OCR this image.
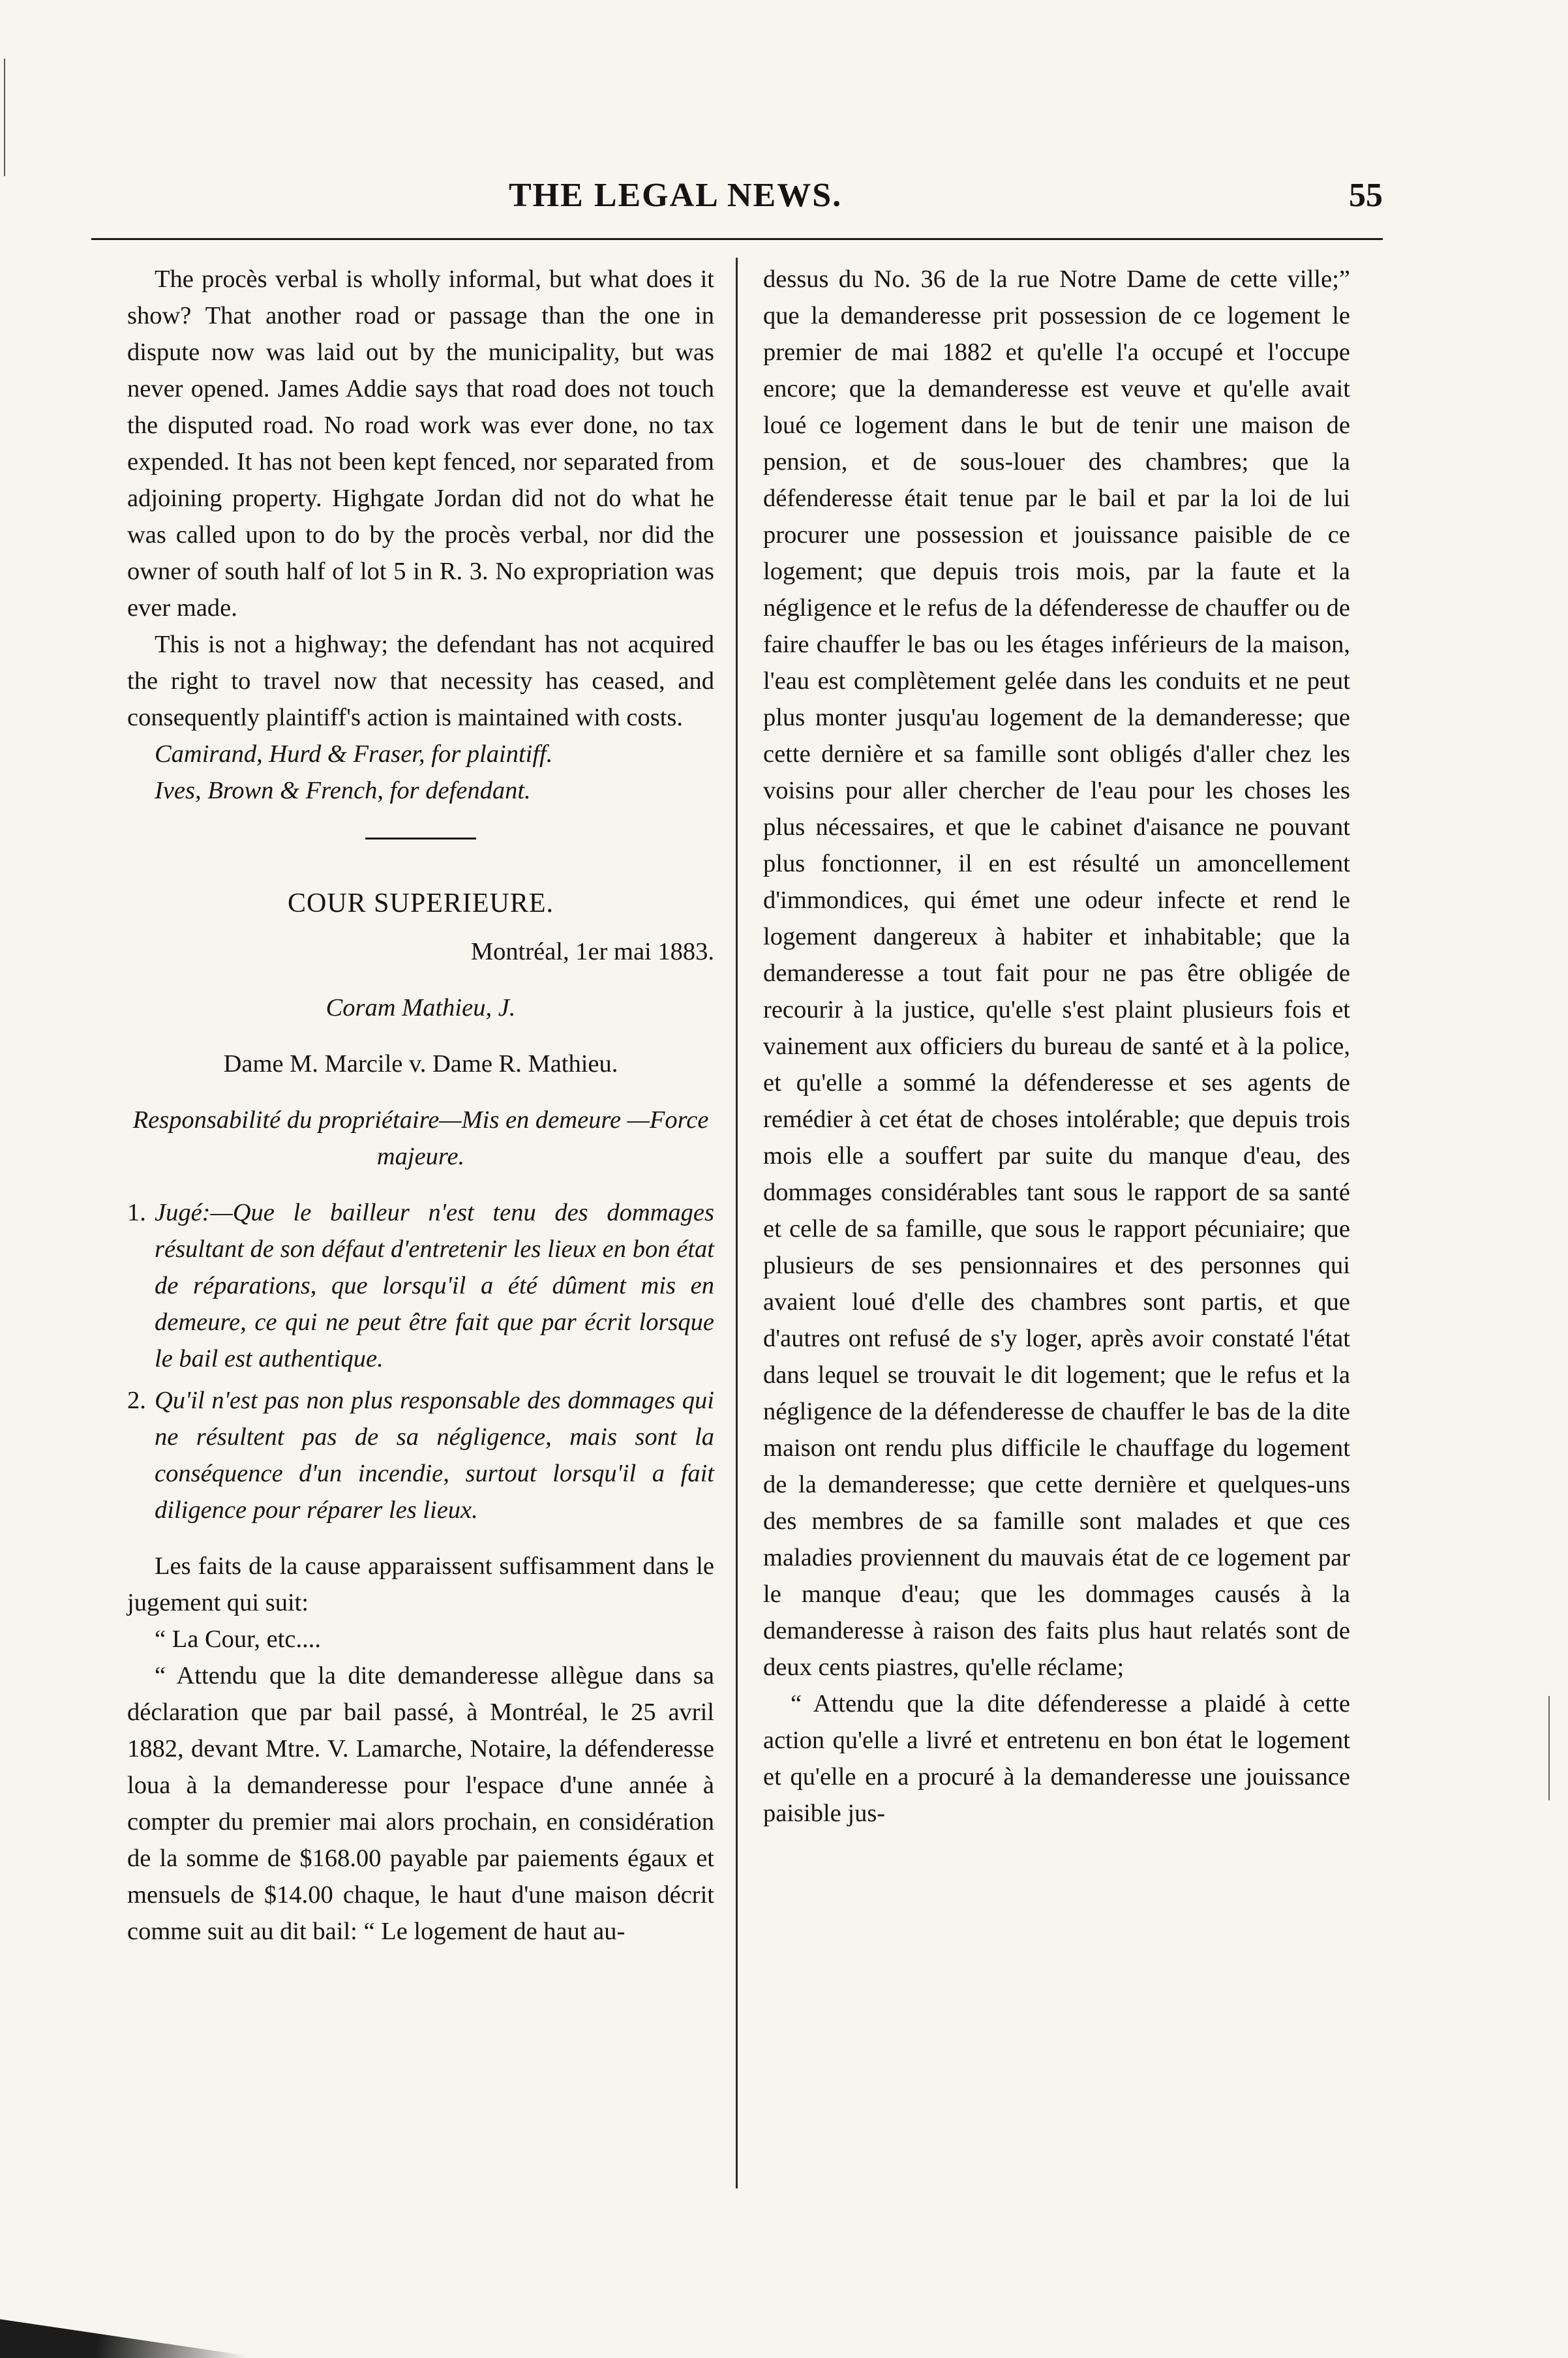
THE LEGAL NEWS.	55

The procès verbal is wholly informal, but what does it show? That another road or passage than the one in dispute now was laid out by the municipality, but was never opened. James Addie says that road does not touch the disputed road. No road work was ever done, no tax expended. It has not been kept fenced, nor separated from adjoining property. Highgate Jordan did not do what he was called upon to do by the procès verbal, nor did the owner of south half of lot 5 in R. 3. No expropriation was ever made.

This is not a highway; the defendant has not acquired the right to travel now that necessity has ceased, and consequently plaintiff's action is maintained with costs.

Camirand, Hurd & Fraser, for plaintiff.

Ives, Brown & French, for defendant.

COUR SUPERIEURE.

Montréal, 1er mai 1883.

Coram Mathieu, J.

Dame M. Marcile v. Dame R. Mathieu.

Responsabilité du propriétaire—Mis en demeure —Force majeure.

1. Jugé:—Que le bailleur n'est tenu des dommages résultant de son défaut d'entretenir les lieux en bon état de réparations, que lorsqu'il a été dûment mis en demeure, ce qui ne peut être fait que par écrit lorsque le bail est authentique.
2. Qu'il n'est pas non plus responsable des dommages qui ne résultent pas de sa négligence, mais sont la conséquence d'un incendie, surtout lorsqu'il a fait diligence pour réparer les lieux.

Les faits de la cause apparaissent suffisamment dans le jugement qui suit:

“ La Cour, etc....

“ Attendu que la dite demanderesse allègue dans sa déclaration que par bail passé, à Montréal, le 25 avril 1882, devant Mtre. V. Lamarche, Notaire, la défenderesse loua à la demanderesse pour l'espace d'une année à compter du premier mai alors prochain, en considération de la somme de $168.00 payable par paiements égaux et mensuels de $14.00 chaque, le haut d'une maison décrit comme suit au dit bail: “ Le logement de haut au-

dessus du No. 36 de la rue Notre Dame de cette ville;” que la demanderesse prit possession de ce logement le premier de mai 1882 et qu'elle l'a occupé et l'occupe encore; que la demanderesse est veuve et qu'elle avait loué ce logement dans le but de tenir une maison de pension, et de sous-louer des chambres; que la défenderesse était tenue par le bail et par la loi de lui procurer une possession et jouissance paisible de ce logement; que depuis trois mois, par la faute et la négligence et le refus de la défenderesse de chauffer ou de faire chauffer le bas ou les étages inférieurs de la maison, l'eau est complètement gelée dans les conduits et ne peut plus monter jusqu'au logement de la demanderesse; que cette dernière et sa famille sont obligés d'aller chez les voisins pour aller chercher de l'eau pour les choses les plus nécessaires, et que le cabinet d'aisance ne pouvant plus fonctionner, il en est résulté un amoncellement d'immondices, qui émet une odeur infecte et rend le logement dangereux à habiter et inhabitable; que la demanderesse a tout fait pour ne pas être obligée de recourir à la justice, qu'elle s'est plaint plusieurs fois et vainement aux officiers du bureau de santé et à la police, et qu'elle a sommé la défenderesse et ses agents de remédier à cet état de choses intolérable; que depuis trois mois elle a souffert par suite du manque d'eau, des dommages considérables tant sous le rapport de sa santé et celle de sa famille, que sous le rapport pécuniaire; que plusieurs de ses pensionnaires et des personnes qui avaient loué d'elle des chambres sont partis, et que d'autres ont refusé de s'y loger, après avoir constaté l'état dans lequel se trouvait le dit logement; que le refus et la négligence de la défenderesse de chauffer le bas de la dite maison ont rendu plus difficile le chauffage du logement de la demanderesse; que cette dernière et quelques-uns des membres de sa famille sont malades et que ces maladies proviennent du mauvais état de ce logement par le manque d'eau; que les dommages causés à la demanderesse à raison des faits plus haut relatés sont de deux cents piastres, qu'elle réclame;

“ Attendu que la dite défenderesse a plaidé à cette action qu'elle a livré et entretenu en bon état le logement et qu'elle en a procuré à la demanderesse une jouissance paisible jus-
